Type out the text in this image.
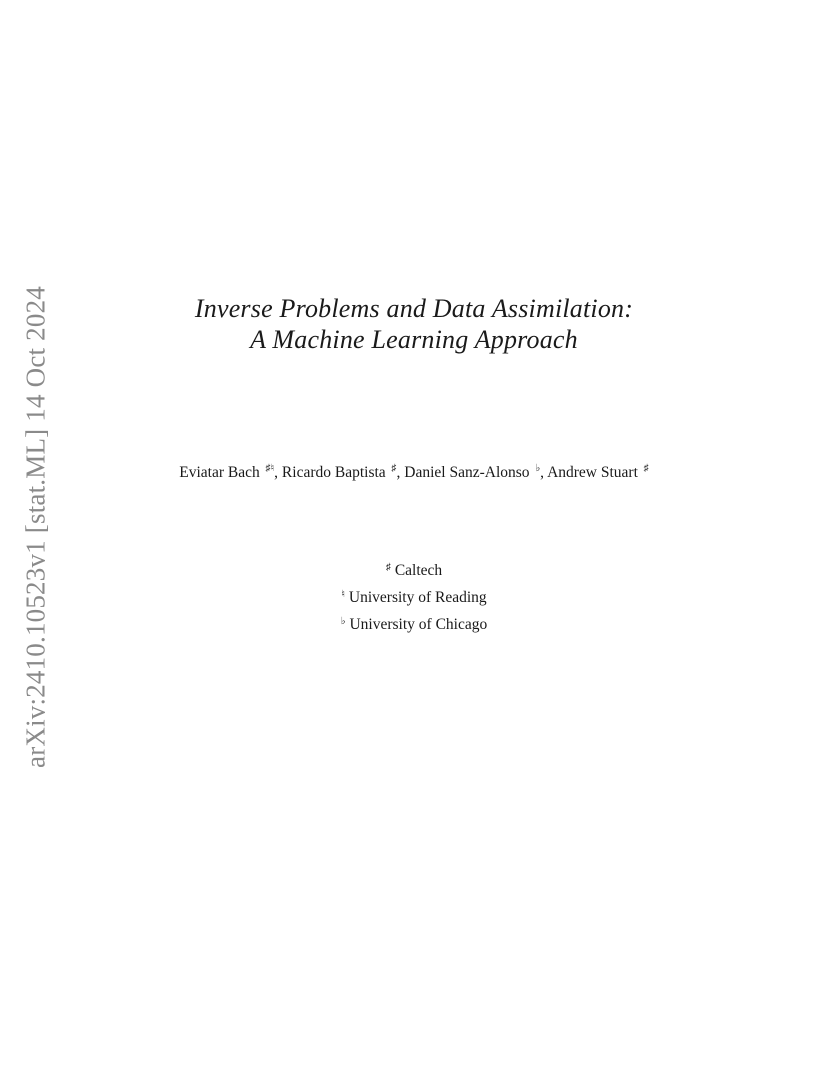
arXiv:2410.10523v1 [stat.ML] 14 Oct 2024	Inverse Problems and Data Assimilation:
A Machine Learning Approach
Eviatar Bach ♯♮, Ricardo Baptista ♯, Daniel Sanz-Alonso ♭, Andrew Stuart ♯
♯ Caltech
♮ University of Reading
♭ University of Chicago
